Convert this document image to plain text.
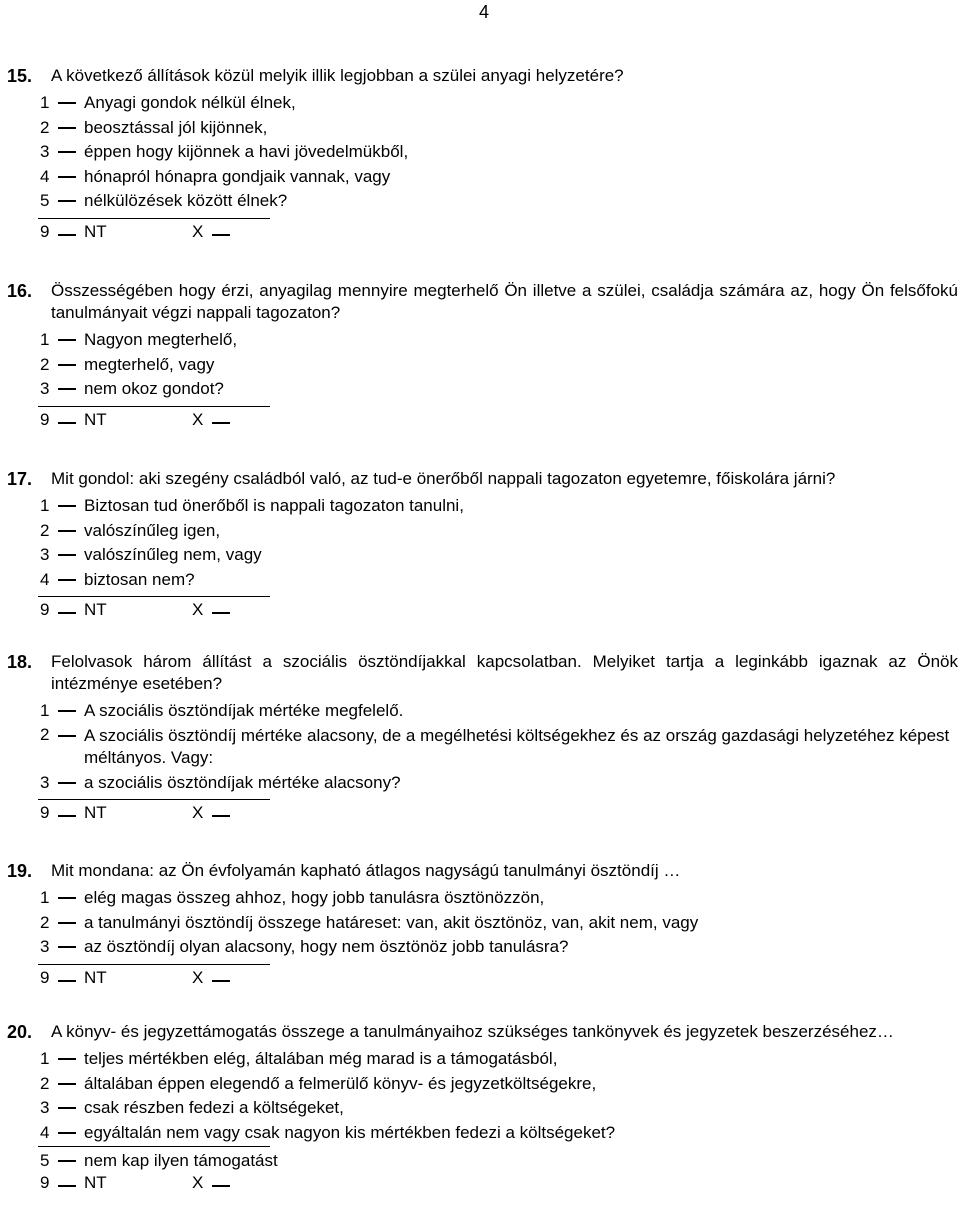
4
15. A következő állítások közül melyik illik legjobban a szülei anyagi helyzetére?
1 Anyagi gondok nélkül élnek,
2 beosztással jól kijönnek,
3 éppen hogy kijönnek a havi jövedelmükből,
4 hónapról hónapra gondjaik vannak, vagy
5 nélkülözések között élnek?
9 NT	X
16. Összességében hogy érzi, anyagilag mennyire megterhelő Ön illetve a szülei, családja számára az, hogy Ön felsőfokú tanulmányait végzi nappali tagozaton?
1 Nagyon megterhelő,
2 megterhelő, vagy
3 nem okoz gondot?
9 NT	X
17. Mit gondol: aki szegény családból való, az tud-e önerőből nappali tagozaton egyetemre, főiskolára járni?
1 Biztosan tud önerőből is nappali tagozaton tanulni,
2 valószínűleg igen,
3 valószínűleg nem, vagy
4 biztosan nem?
9 NT	X
18. Felolvasok három állítást a szociális ösztöndíjakkal kapcsolatban. Melyiket tartja a leginkább igaznak az Önök intézménye esetében?
1 A szociális ösztöndíjak mértéke megfelelő.
2 A szociális ösztöndíj mértéke alacsony, de a megélhetési költségekhez és az ország gazdasági helyzetéhez képest méltányos. Vagy:
3 a szociális ösztöndíjak mértéke alacsony?
9 NT	X
19. Mit mondana: az Ön évfolyamán kapható átlagos nagyságú tanulmányi ösztöndíj …
1 elég magas összeg ahhoz, hogy jobb tanulásra ösztönözzön,
2 a tanulmányi ösztöndíj összege határeset: van, akit ösztönöz, van, akit nem, vagy
3 az ösztöndíj olyan alacsony, hogy nem ösztönöz jobb tanulásra?
9 NT	X
20. A könyv- és jegyzettámogatás összege a tanulmányaihoz szükséges tankönyvek és jegyzetek beszerzéséhez…
1 teljes mértékben elég, általában még marad is a támogatásból,
2 általában éppen elegendő a felmerülő könyv- és jegyzetköltségekre,
3 csak részben fedezi a költségeket,
4 egyáltalán nem vagy csak nagyon kis mértékben fedezi a költségeket?
5 nem kap ilyen támogatást
9 NT	X
